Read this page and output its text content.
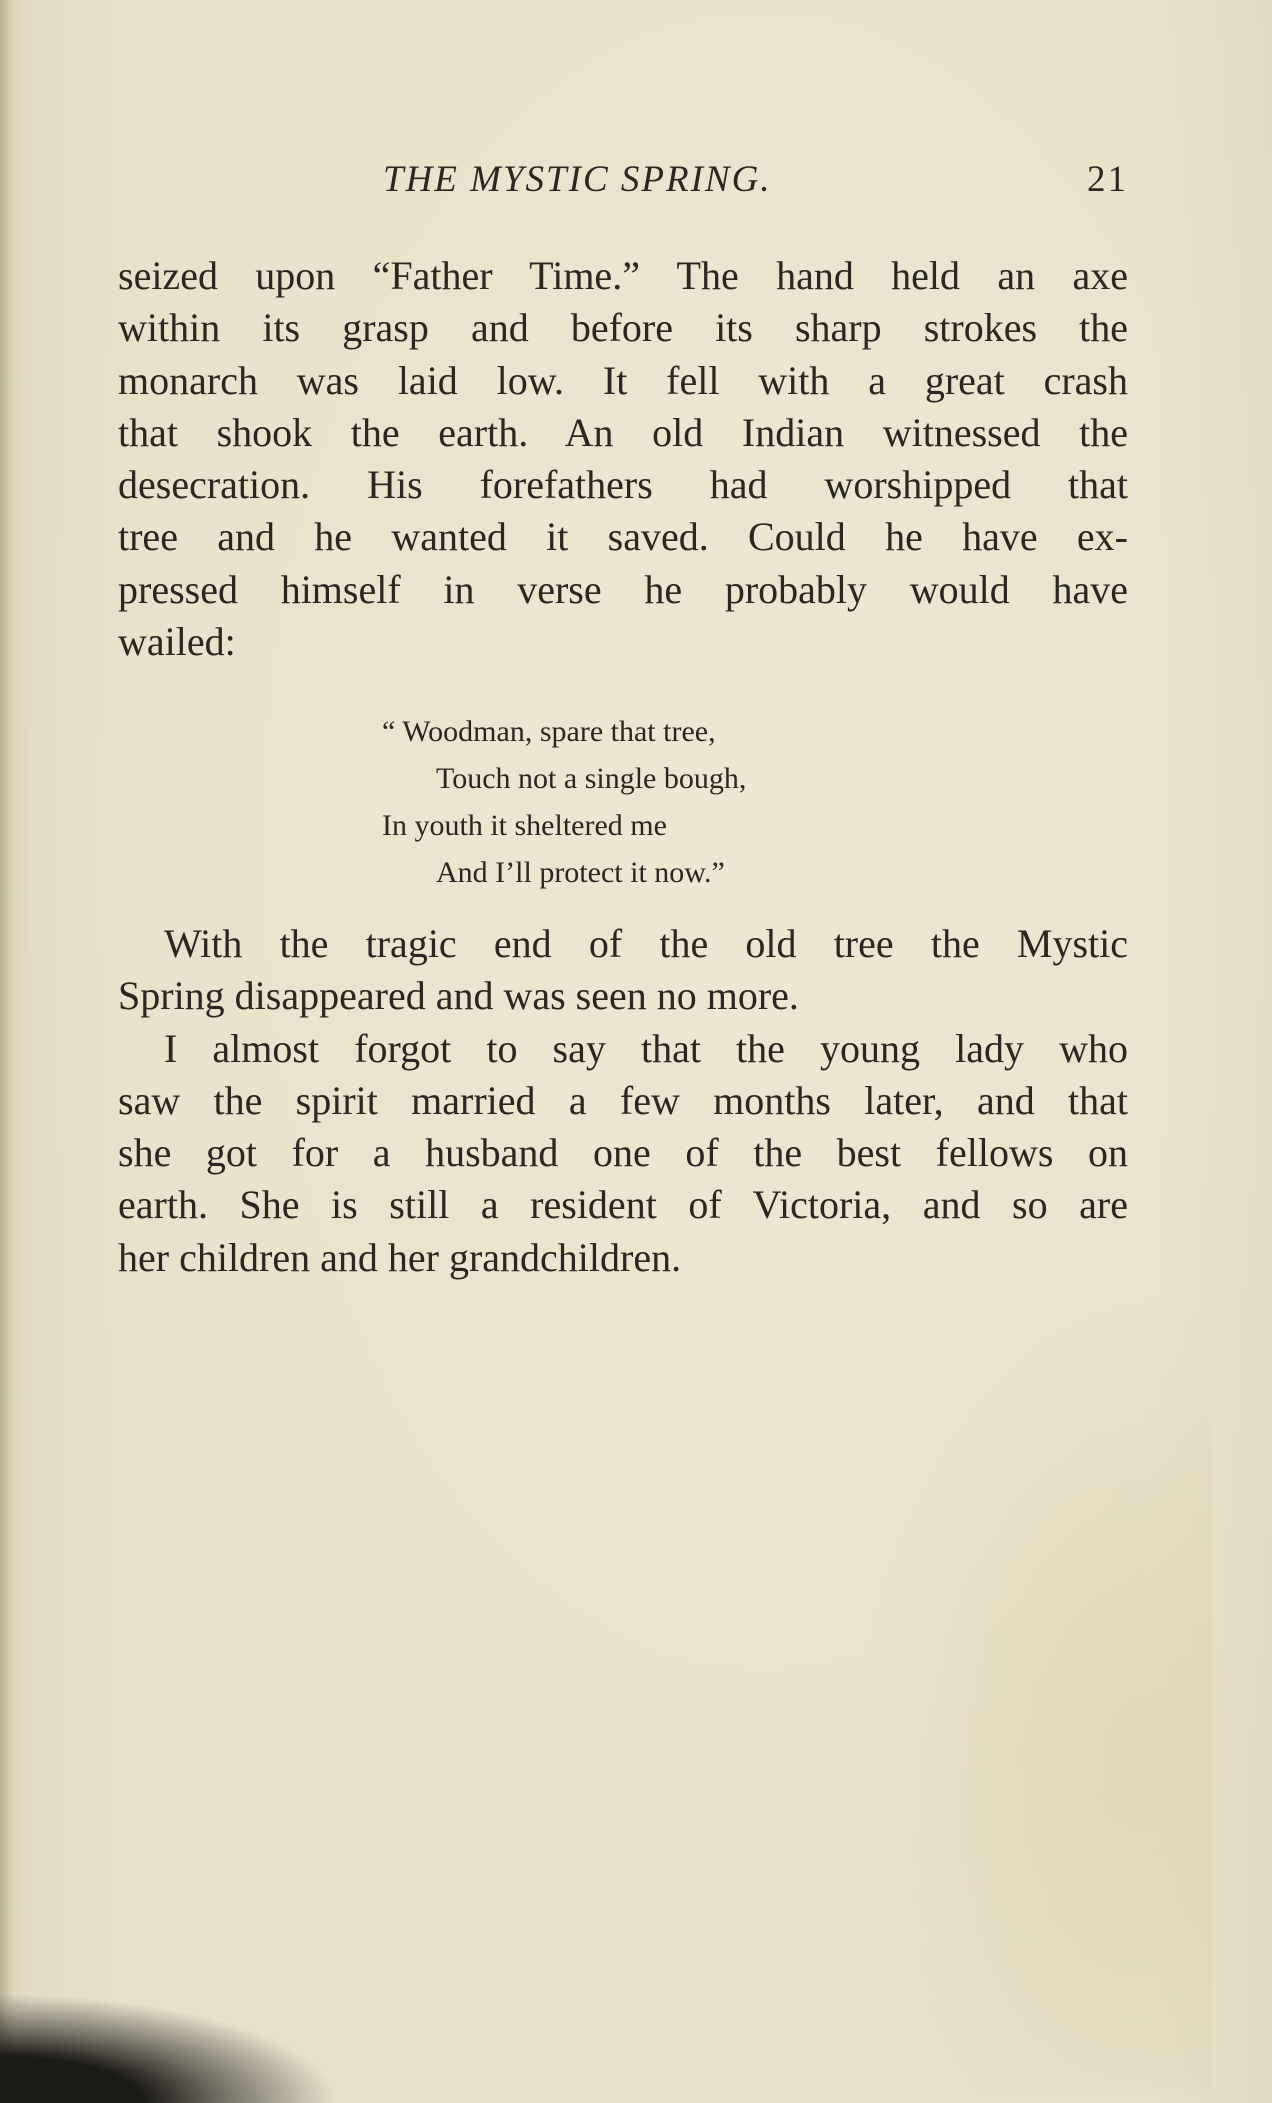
THE MYSTIC SPRING.	21
seized upon “Father Time.” The hand held an axe
within its grasp and before its sharp strokes the
monarch was laid low. It fell with a great crash
that shook the earth. An old Indian witnessed the
desecration. His forefathers had worshipped that
tree and he wanted it saved. Could he have ex-
pressed himself in verse he probably would have
wailed:
“ Woodman, spare that tree,
Touch not a single bough,
In youth it sheltered me
And I’ll protect it now.”
With the tragic end of the old tree the Mystic
Spring disappeared and was seen no more.
I almost forgot to say that the young lady who
saw the spirit married a few months later, and that
she got for a husband one of the best fellows on
earth. She is still a resident of Victoria, and so are
her children and her grandchildren.
